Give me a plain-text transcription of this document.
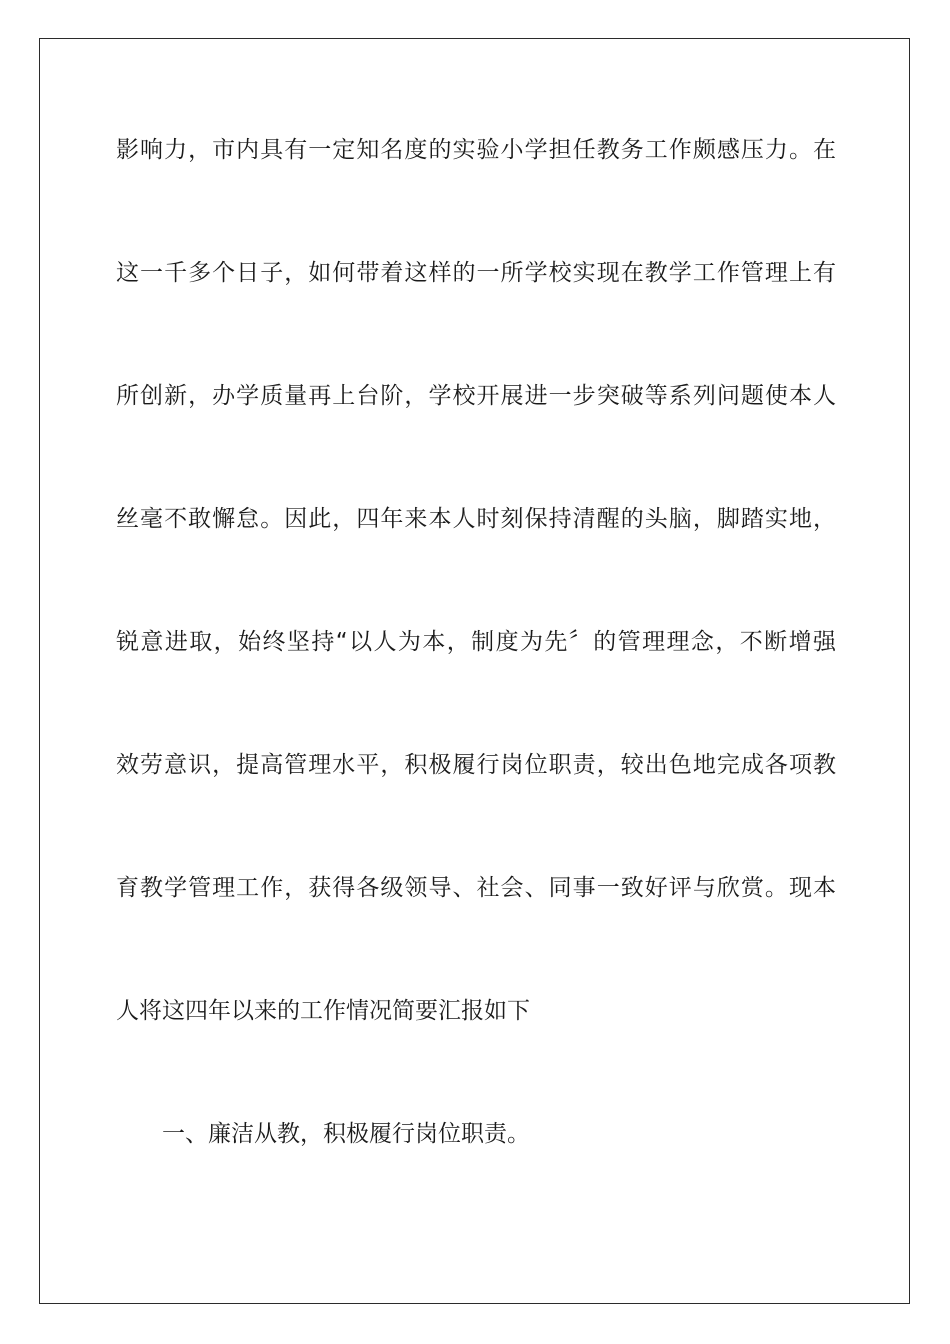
影响力，市内具有一定知名度的实验小学担任教务工作颇感压力。在
这一千多个日子，如何带着这样的一所学校实现在教学工作管理上有
所创新，办学质量再上台阶，学校开展进一步突破等系列问题使本人
丝毫不敢懈怠。因此，四年来本人时刻保持清醒的头脑，脚踏实地，
锐意进取，始终坚持“以人为本，制度为先〞的管理理念，不断增强
效劳意识，提高管理水平，积极履行岗位职责，较出色地完成各项教
育教学管理工作，获得各级领导、社会、同事一致好评与欣赏。现本
人将这四年以来的工作情况简要汇报如下
一、廉洁从教，积极履行岗位职责。
